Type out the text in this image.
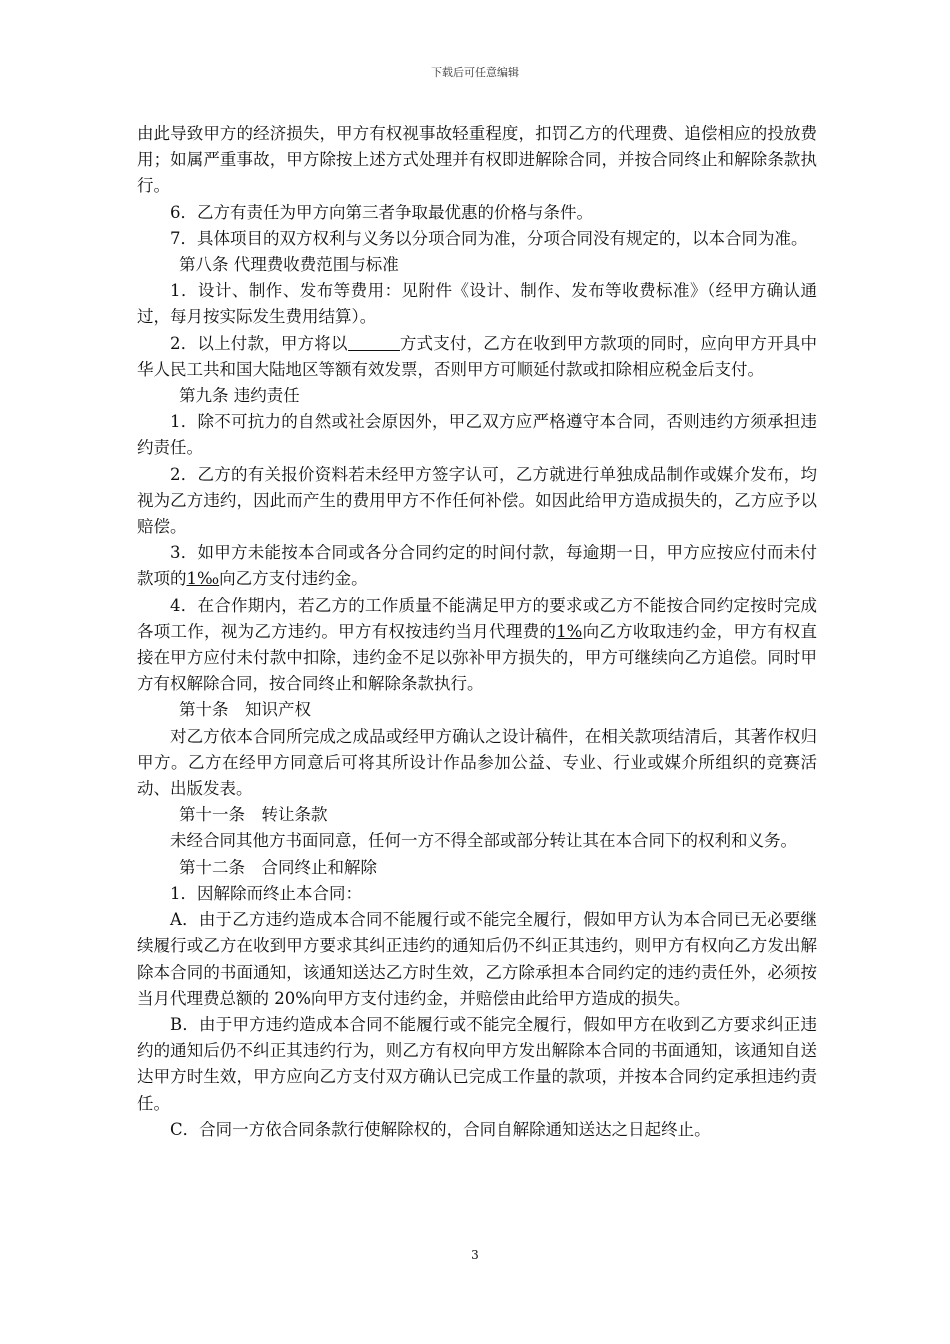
下载后可任意编辑

由此导致甲方的经济损失，甲方有权视事故轻重程度，扣罚乙方的代理费、追偿相应的投放费用；如属严重事故，甲方除按上述方式处理并有权即进解除合同，并按合同终止和解除条款执行。

6．乙方有责任为甲方向第三者争取最优惠的价格与条件。

7．具体项目的双方权利与义务以分项合同为准，分项合同没有规定的，以本合同为准。

第八条 代理费收费范围与标准

1．设计、制作、发布等费用：见附件《设计、制作、发布等收费标准》（经甲方确认通过，每月按实际发生费用结算）。

2．以上付款，甲方将以	方式支付，乙方在收到甲方款项的同时，应向甲方开具中华人民工共和国大陆地区等额有效发票，否则甲方可顺延付款或扣除相应税金后支付。

第九条 违约责任

1．除不可抗力的自然或社会原因外，甲乙双方应严格遵守本合同，否则违约方须承担违约责任。

2．乙方的有关报价资料若未经甲方签字认可，乙方就进行单独成品制作或媒介发布，均视为乙方违约，因此而产生的费用甲方不作任何补偿。如因此给甲方造成损失的，乙方应予以赔偿。

3．如甲方未能按本合同或各分合同约定的时间付款，每逾期一日，甲方应按应付而未付款项的1‰向乙方支付违约金。

4．在合作期内，若乙方的工作质量不能满足甲方的要求或乙方不能按合同约定按时完成各项工作，视为乙方违约。甲方有权按违约当月代理费的1%向乙方收取违约金，甲方有权直接在甲方应付未付款中扣除，违约金不足以弥补甲方损失的，甲方可继续向乙方追偿。同时甲方有权解除合同，按合同终止和解除条款执行。

第十条　知识产权

对乙方依本合同所完成之成品或经甲方确认之设计稿件，在相关款项结清后，其著作权归甲方。乙方在经甲方同意后可将其所设计作品参加公益、专业、行业或媒介所组织的竞赛活动、出版发表。

第十一条　转让条款

未经合同其他方书面同意，任何一方不得全部或部分转让其在本合同下的权利和义务。

第十二条　合同终止和解除

1．因解除而终止本合同：

A．由于乙方违约造成本合同不能履行或不能完全履行，假如甲方认为本合同已无必要继续履行或乙方在收到甲方要求其纠正违约的通知后仍不纠正其违约，则甲方有权向乙方发出解除本合同的书面通知，该通知送达乙方时生效，乙方除承担本合同约定的违约责任外，必须按当月代理费总额的 20%向甲方支付违约金，并赔偿由此给甲方造成的损失。

B．由于甲方违约造成本合同不能履行或不能完全履行，假如甲方在收到乙方要求纠正违约的通知后仍不纠正其违约行为，则乙方有权向甲方发出解除本合同的书面通知，该通知自送达甲方时生效，甲方应向乙方支付双方确认已完成工作量的款项，并按本合同约定承担违约责任。

C．合同一方依合同条款行使解除权的，合同自解除通知送达之日起终止。

3
